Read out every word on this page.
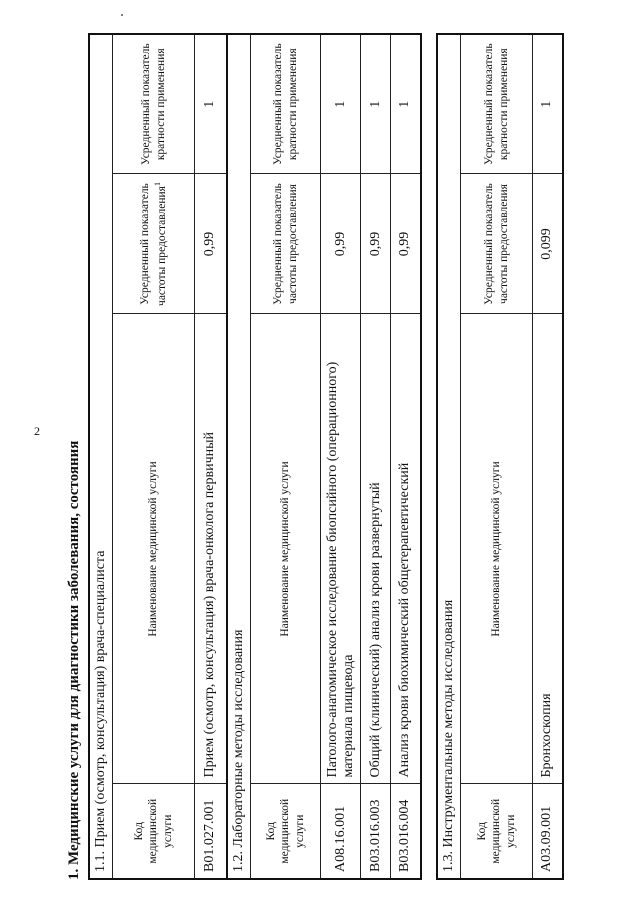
2
1. Медицинские услуги для диагностики заболевания, состояния 1.1. Прием (осмотр, консультация) врача-специалиста			
Код медицинской услуги	Наименование медицинской услуги	Усредненный показатель частоты предоставления$^1$	Усредненный показатель кратности применения
B01.027.001	Прием (осмотр, консультация) врача-онколога первичный	0,99	1
1.2. Лабораторные методы исследования			
Код медицинской услуги	Наименование медицинской услуги	Усредненный показатель частоты предоставления	Усредненный показатель кратности применения
A08.16.001	Патолого-анатомическое исследование биопсийного (операционного) материала пищевода	0,99	1
B03.016.003	Общий (клинический) анализ крови развернутый	0,99	1
B03.016.004	Анализ крови биохимический общетерапевтический	0,99	1
1.3. Инструментальные методы исследования			
Код медицинской услуги	Наименование медицинской услуги	Усредненный показатель частоты предоставления	Усредненный показатель кратности применения
A03.09.001	Бронхоскопия	0,099	1
